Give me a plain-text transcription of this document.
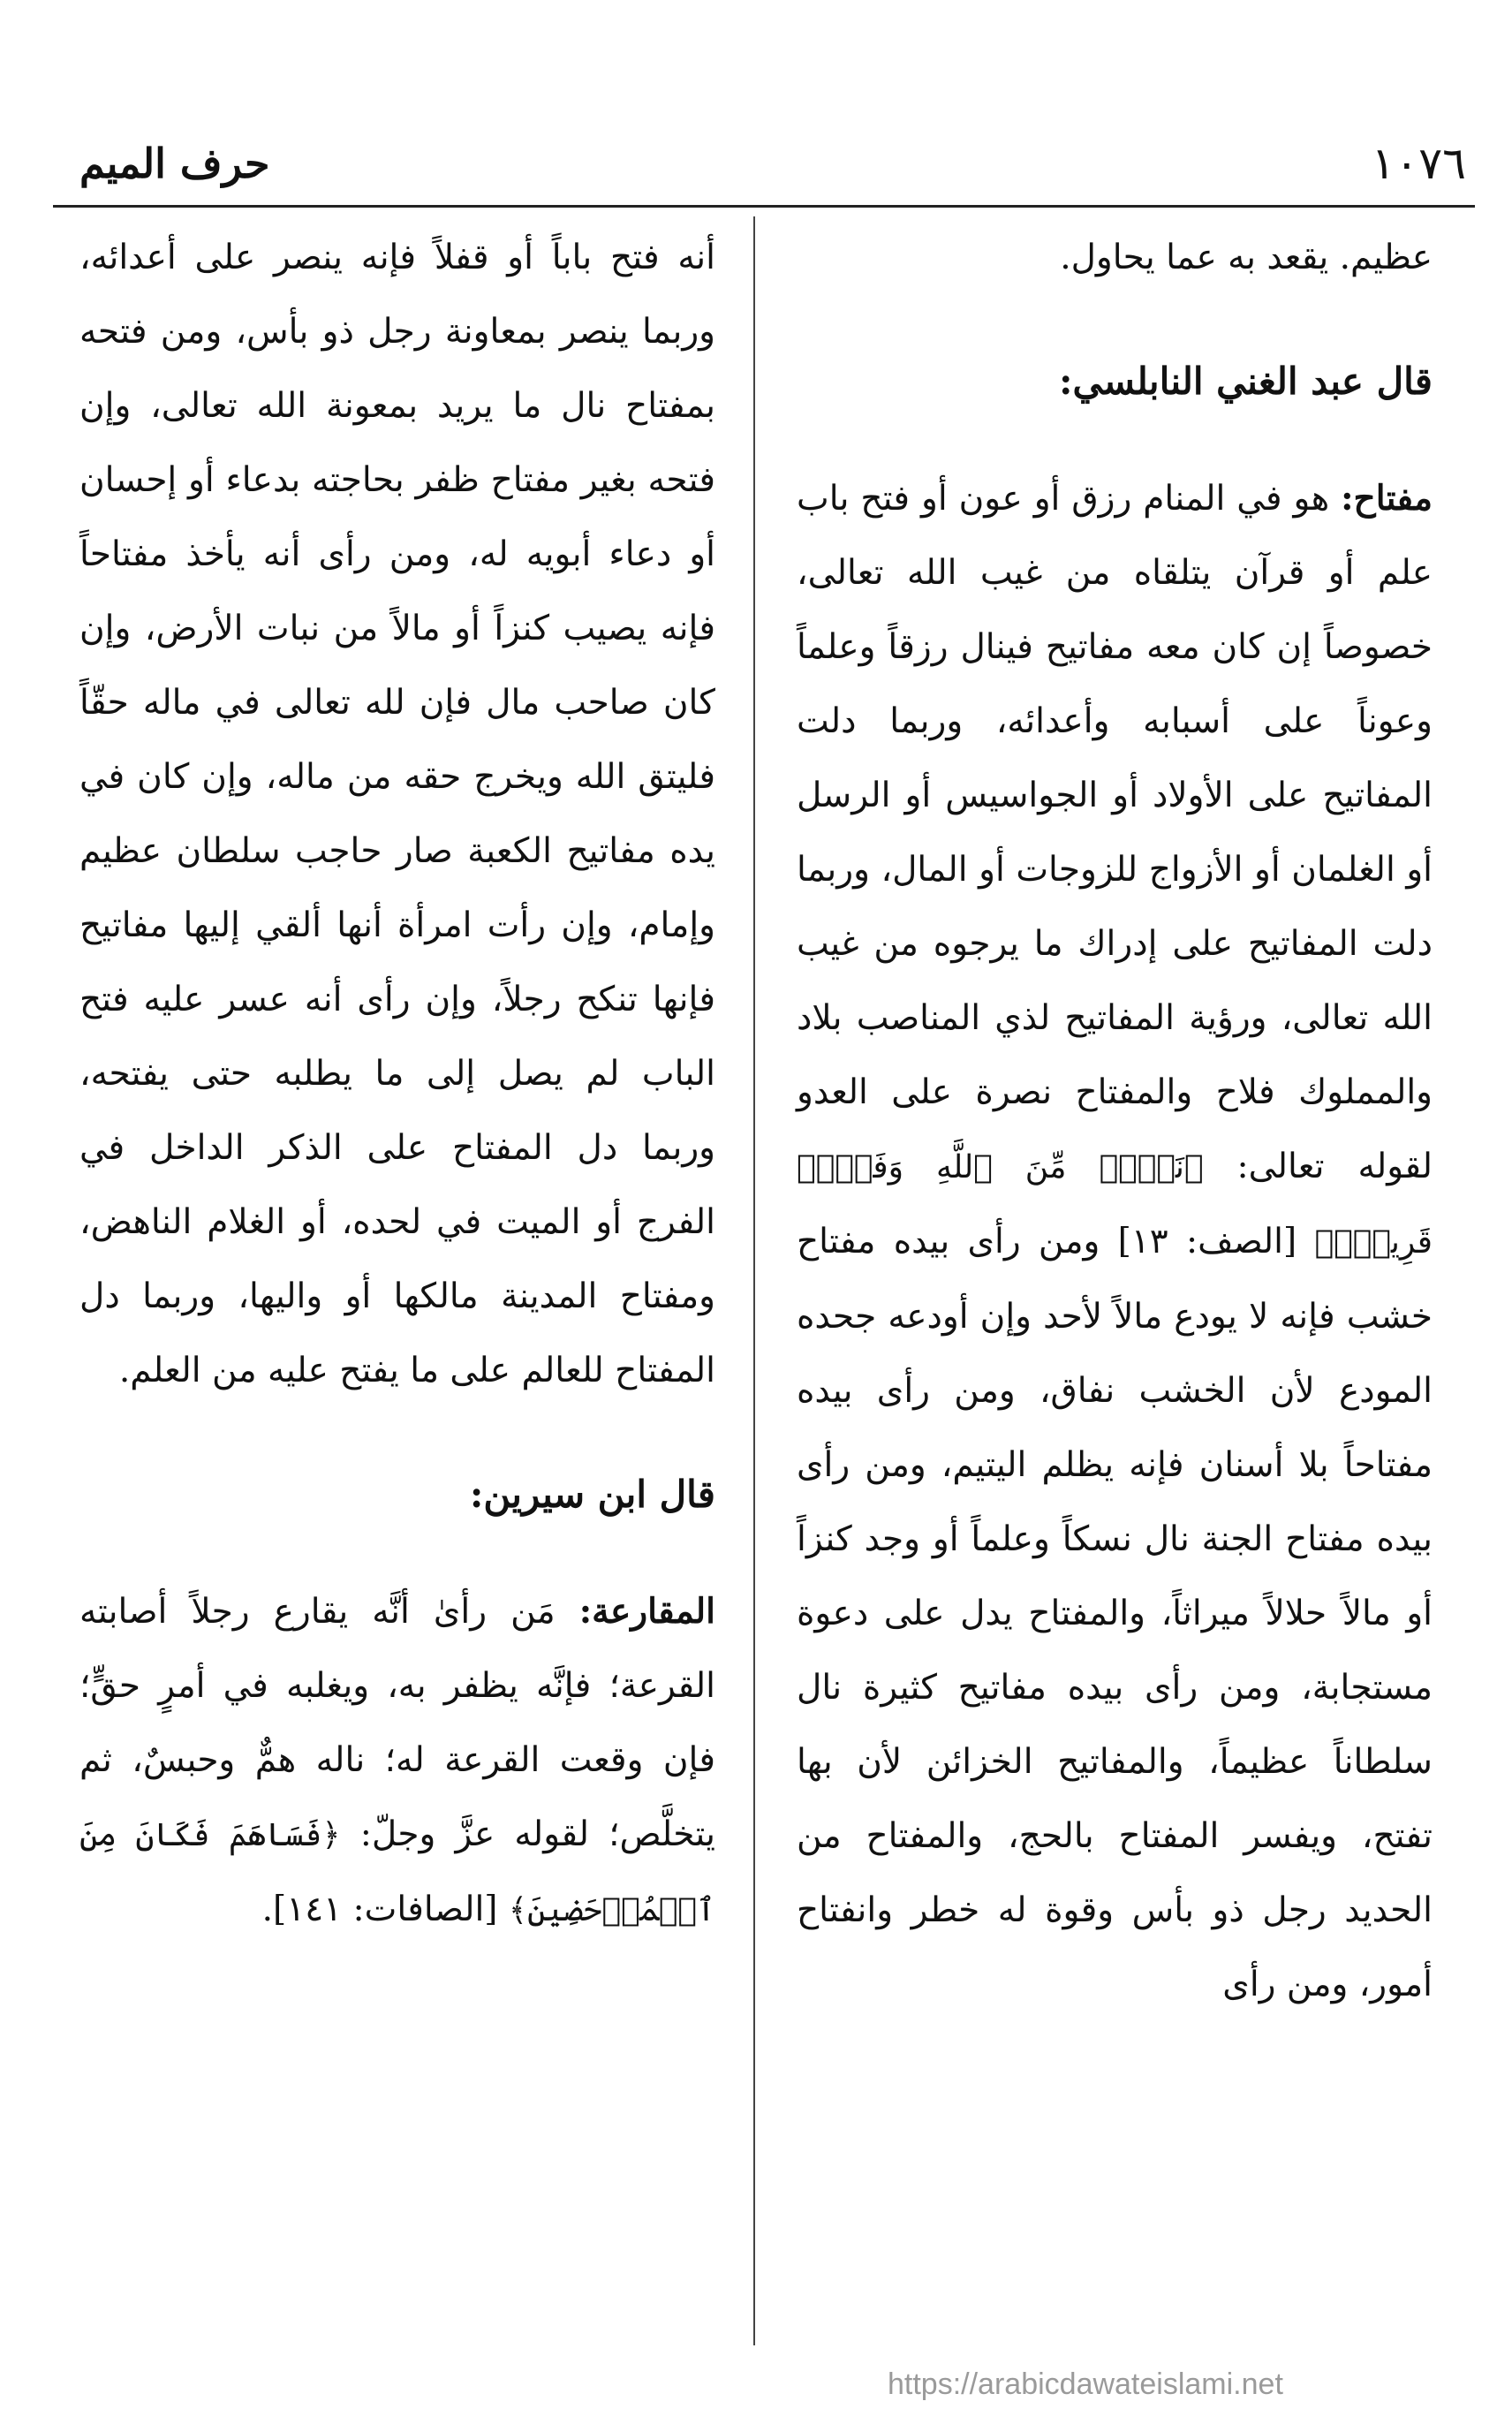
١٠٧٦
حرف الميم

عظيم. يقعد به عما يحاول.

قال عبد الغني النابلسي:

مفتاح: هو في المنام رزق أو عون أو فتح باب علم أو قرآن يتلقاه من غيب الله تعالى، خصوصاً إن كان معه مفاتيح فينال رزقاً وعلماً وعوناً على أسبابه وأعدائه، وربما دلت المفاتيح على الأولاد أو الجواسيس أو الرسل أو الغلمان أو الأزواج للزوجات أو المال، وربما دلت المفاتيح على إدراك ما يرجوه من غيب الله تعالى، ورؤية المفاتيح لذي المناصب بلاد والمملوك فلاح والمفتاح نصرة على العدو لقوله تعالى: ﴿نَصۡرٞ مِّنَ ٱللَّهِ وَفَتۡحٞ قَرِيبٞۗ﴾ [الصف: ١٣] ومن رأى بيده مفتاح خشب فإنه لا يودع مالاً لأحد وإن أودعه جحده المودع لأن الخشب نفاق، ومن رأى بيده مفتاحاً بلا أسنان فإنه يظلم اليتيم، ومن رأى بيده مفتاح الجنة نال نسكاً وعلماً أو وجد كنزاً أو مالاً حلالاً ميراثاً، والمفتاح يدل على دعوة مستجابة، ومن رأى بيده مفاتيح كثيرة نال سلطاناً عظيماً، والمفاتيح الخزائن لأن بها تفتح، ويفسر المفتاح بالحج، والمفتاح من الحديد رجل ذو بأس وقوة له خطر وانفتاح أمور، ومن رأى

أنه فتح باباً أو قفلاً فإنه ينصر على أعدائه، وربما ينصر بمعاونة رجل ذو بأس، ومن فتحه بمفتاح نال ما يريد بمعونة الله تعالى، وإن فتحه بغير مفتاح ظفر بحاجته بدعاء أو إحسان أو دعاء أبويه له، ومن رأى أنه يأخذ مفتاحاً فإنه يصيب كنزاً أو مالاً من نبات الأرض، وإن كان صاحب مال فإن لله تعالى في ماله حقّاً فليتق الله ويخرج حقه من ماله، وإن كان في يده مفاتيح الكعبة صار حاجب سلطان عظيم وإمام، وإن رأت امرأة أنها ألقي إليها مفاتيح فإنها تنكح رجلاً، وإن رأى أنه عسر عليه فتح الباب لم يصل إلى ما يطلبه حتى يفتحه، وربما دل المفتاح على الذكر الداخل في الفرج أو الميت في لحده، أو الغلام الناهض، ومفتاح المدينة مالكها أو واليها، وربما دل المفتاح للعالم على ما يفتح عليه من العلم.

قال ابن سيرين:

المقارعة: مَن رأىٰ أنَّه يقارع رجلاً أصابته القرعة؛ فإنَّه يظفر به، ويغلبه في أمرٍ حقٍّ؛ فإن وقعت القرعة له؛ ناله همٌّ وحبسٌ، ثم يتخلَّص؛ لقوله عزَّ وجلّ: ﴿فَسَاهَمَ فَكَانَ مِنَ ٱلۡمُدۡحَضِينَ﴾ [الصافات: ١٤١].

https://arabicdawateislami.net
